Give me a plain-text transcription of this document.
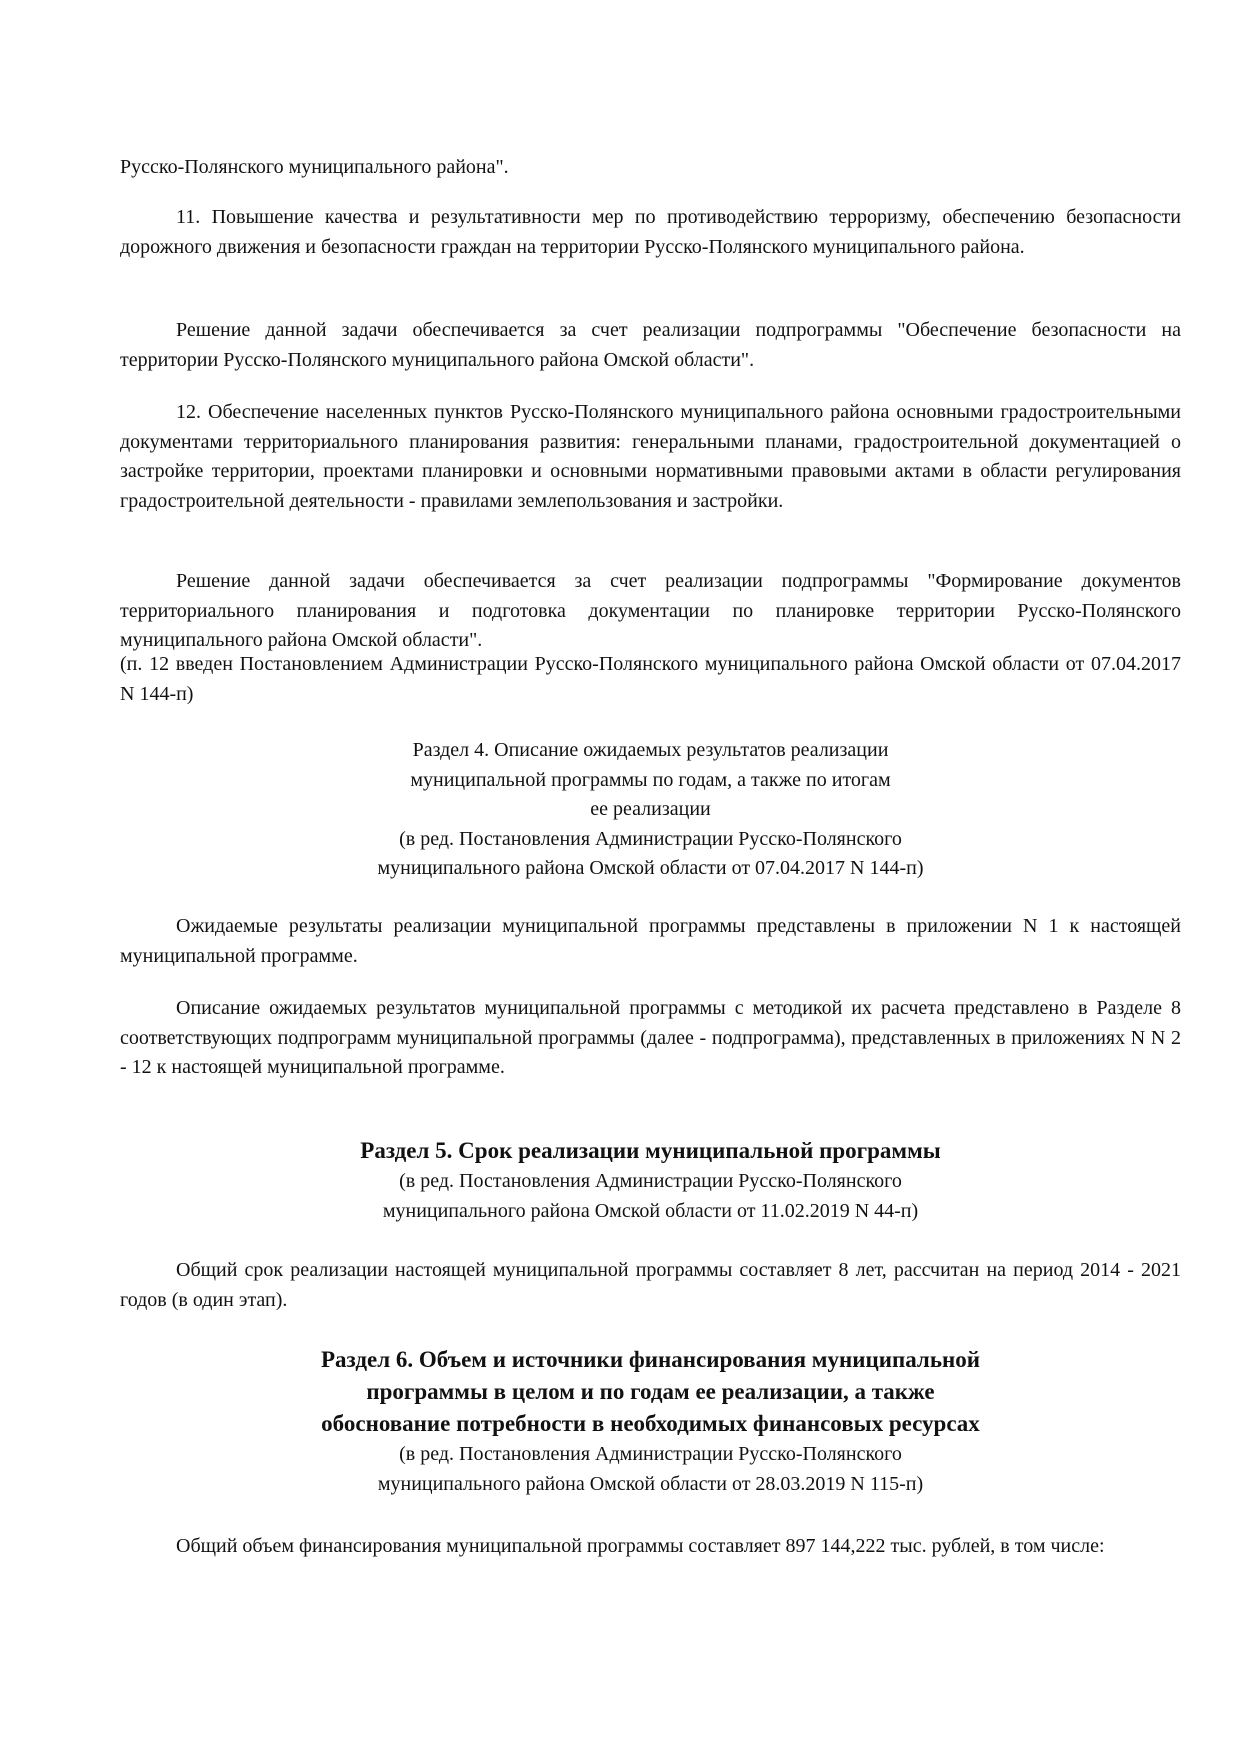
Русско-Полянского муниципального района".
11. Повышение качества и результативности мер по противодействию терроризму, обеспечению безопасности дорожного движения и безопасности граждан на территории Русско-Полянского муниципального района.
Решение данной задачи обеспечивается за счет реализации подпрограммы "Обеспечение безопасности на территории Русско-Полянского муниципального района Омской области".
12. Обеспечение населенных пунктов Русско-Полянского муниципального района основными градостроительными документами территориального планирования развития: генеральными планами, градостроительной документацией о застройке территории, проектами планировки и основными нормативными правовыми актами в области регулирования градостроительной деятельности - правилами землепользования и застройки.
Решение данной задачи обеспечивается за счет реализации подпрограммы "Формирование документов территориального планирования и подготовка документации по планировке территории Русско-Полянского муниципального района Омской области".
(п. 12 введен Постановлением Администрации Русско-Полянского муниципального района Омской области от 07.04.2017 N 144-п)
Раздел 4. Описание ожидаемых результатов реализации
муниципальной программы по годам, а также по итогам
ее реализации
(в ред. Постановления Администрации Русско-Полянского
муниципального района Омской области от 07.04.2017 N 144-п)
Ожидаемые результаты реализации муниципальной программы представлены в приложении N 1 к настоящей муниципальной программе.
Описание ожидаемых результатов муниципальной программы с методикой их расчета представлено в Разделе 8 соответствующих подпрограмм муниципальной программы (далее - подпрограмма), представленных в приложениях N N 2 - 12 к настоящей муниципальной программе.
Раздел 5. Срок реализации муниципальной программы
(в ред. Постановления Администрации Русско-Полянского
муниципального района Омской области от 11.02.2019 N 44-п)
Общий срок реализации настоящей муниципальной программы составляет 8 лет, рассчитан на период 2014 - 2021 годов (в один этап).
Раздел 6. Объем и источники финансирования муниципальной
программы в целом и по годам ее реализации, а также
обоснование потребности в необходимых финансовых ресурсах
(в ред. Постановления Администрации Русско-Полянского
муниципального района Омской области от 28.03.2019 N 115-п)
Общий объем финансирования муниципальной программы составляет 897 144,222 тыс. рублей, в том числе:
